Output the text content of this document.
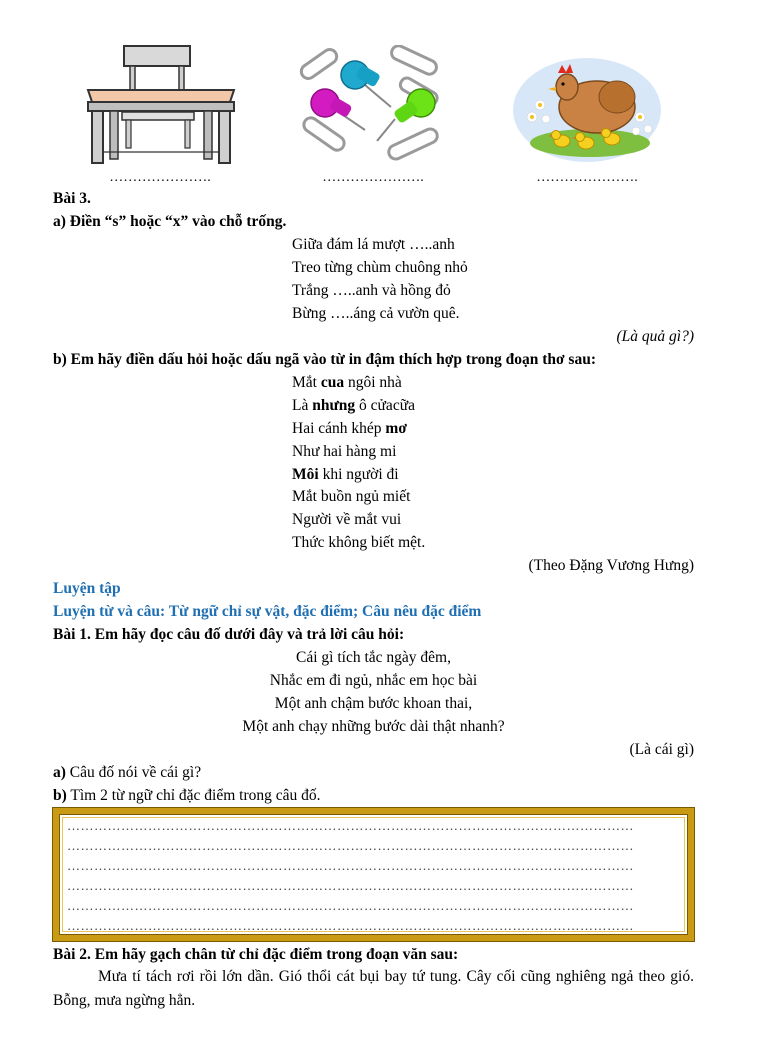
………………….	………………….	………………….
Bài 3.
a) Điền “s” hoặc “x” vào chỗ trống.
Giữa đám lá mượt …..anh
Treo từng chùm chuông nhỏ
Trắng …..anh và hồng đỏ
Bừng …..áng cả vườn quê.
(Là quả gì?)
b) Em hãy điền dấu hỏi hoặc dấu ngã vào từ in đậm thích hợp trong đoạn thơ sau:
Mắt cua ngôi nhà
Là nhưng ô cửacữa
Hai cánh khép mơ
Như hai hàng mi
Môi khi người đi
Mắt buồn ngủ miết
Người về mắt vui
Thức không biết mệt.
(Theo Đặng Vương Hưng)
Luyện tập
Luyện từ và câu: Từ ngữ chỉ sự vật, đặc điểm; Câu nêu đặc điểm
Bài 1. Em hãy đọc câu đố dưới đây và trả lời câu hỏi:
Cái gì tích tắc ngày đêm,
Nhắc em đi ngủ, nhắc em học bài
Một anh chậm bước khoan thai,
Một anh chạy những bước dài thật nhanh?
(Là cái gì)
a) Câu đố nói về cái gì?
b) Tìm 2 từ ngữ chỉ đặc điểm trong câu đố.
………………………………………………………………………………………………………………
………………………………………………………………………………………………………………
………………………………………………………………………………………………………………
………………………………………………………………………………………………………………
………………………………………………………………………………………………………………
………………………………………………………………………………………………………………
Bài 2. Em hãy gạch chân từ chỉ đặc điểm trong đoạn văn sau:
Mưa tí tách rơi rồi lớn dần. Gió thổi cát bụi bay tứ tung. Cây cối cũng nghiêng ngả theo gió. Bỗng, mưa ngừng hẳn.
